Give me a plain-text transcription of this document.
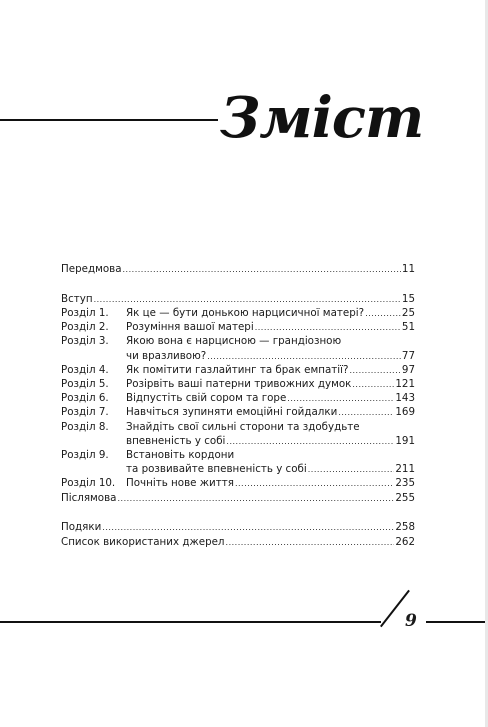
Зміст
Передмова .....	11
Вступ .....	15
Розділ 1. Як це — бути донькою нарцисичної матері? .....	25
Розділ 2. Розуміння вашої матері .....	51
Розділ 3. Якою вона є нарцисною — грандіозною
чи вразливою? .....	77
Розділ 4. Як помітити газлайтинг та брак емпатії? .....	97
Розділ 5. Розірвіть ваші патерни тривожних думок .....	121
Розділ 6. Відпустіть свій сором та горе .....	143
Розділ 7. Навчіться зупиняти емоційні гойдалки .....	169
Розділ 8. Знайдіть свої сильні сторони та здобудьте
впевненість у собі .....	191
Розділ 9. Встановіть кордони
та розвивайте впевненість у собі .....	211
Розділ 10. Почніть нове життя .....	235
Післямова .....	255
Подяки .....	258
Список використаних джерел .....	262
9
